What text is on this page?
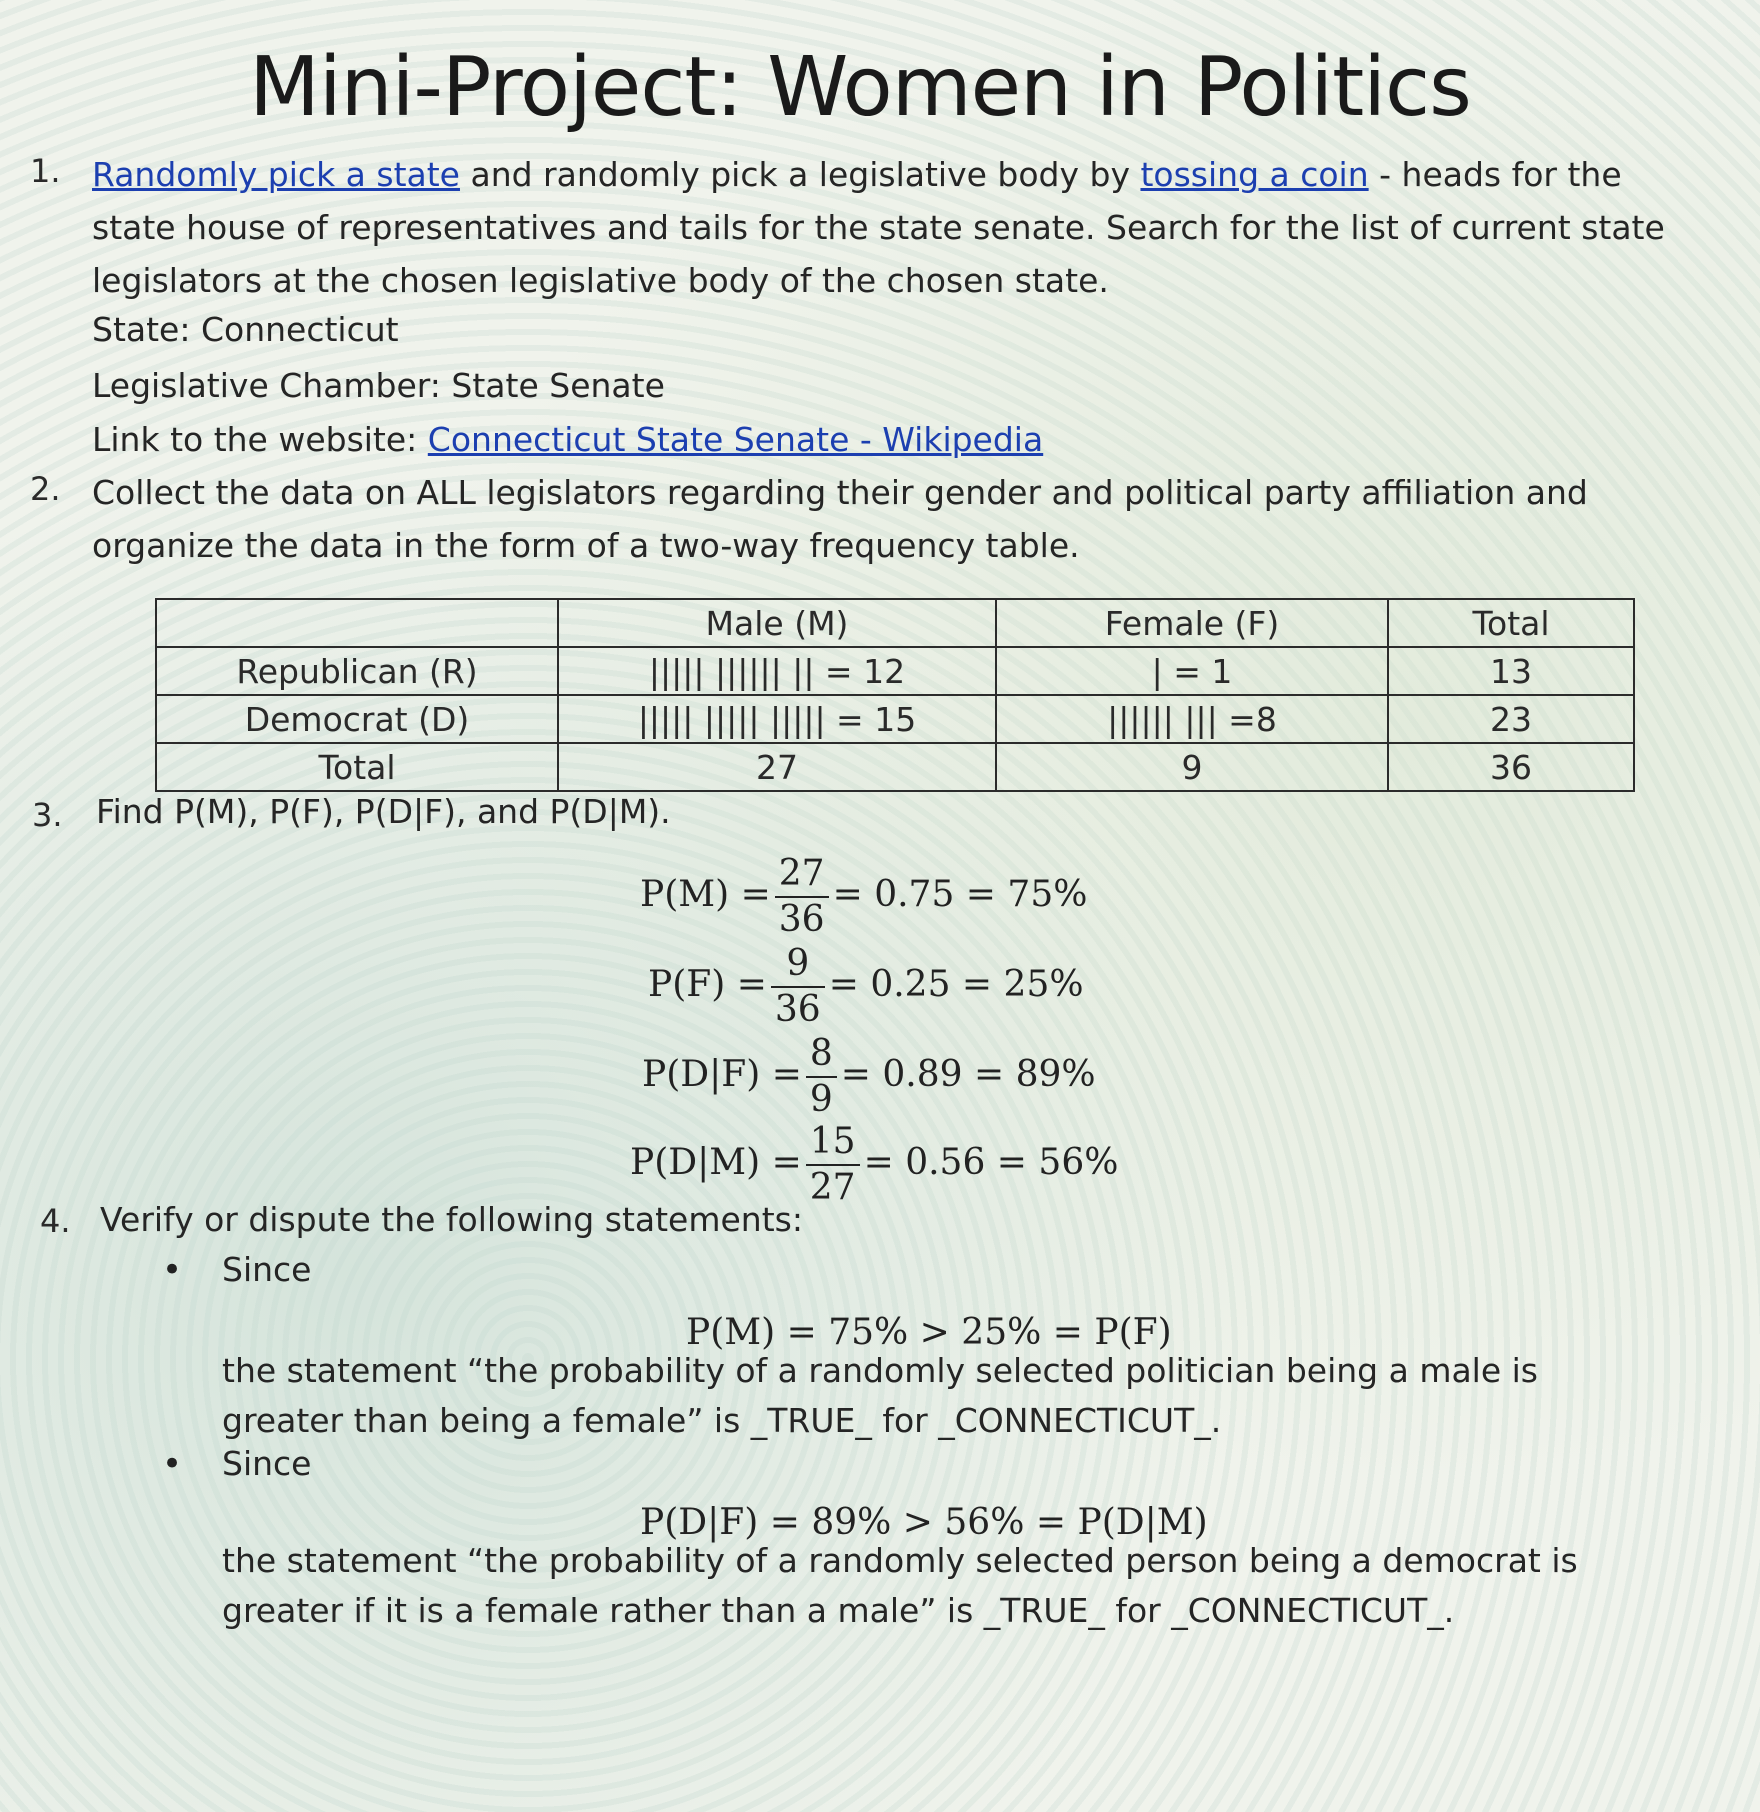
Mini-Project: Women in Politics
1. Randomly pick a state and randomly pick a legislative body by tossing a coin - heads for the state house of representatives and tails for the state senate. Search for the list of current state legislators at the chosen legislative body of the chosen state.
State: Connecticut
Legislative Chamber: State Senate
Link to the website: Connecticut State Senate - Wikipedia
2. Collect the data on ALL legislators regarding their gender and political party affiliation and organize the data in the form of a two-way frequency table.
	Male (M)	Female (F)	Total
Republican (R)	||||| |||||| || = 12	| = 1	13
Democrat (D)	||||| ||||| ||||| = 15	|||||| ||| =8	23
Total	27	9	36
3. Find P(M), P(F), P(D|F), and P(D|M).
$P(M) = \frac{27}{36} = 0.75 = 75\%$
$P(F) = \frac{9}{36} = 0.25 = 25\%$
$P(D|F) = \frac{8}{9} = 0.89 = 89\%$
$P(D|M) = \frac{15}{27} = 0.56 = 56\%$
4. Verify or dispute the following statements:
• Since
P(M) = 75% > 25% = P(F)
the statement “the probability of a randomly selected politician being a male is greater than being a female” is _TRUE_ for _CONNECTICUT_.
• Since
P(D|F) = 89% > 56% = P(D|M)
the statement “the probability of a randomly selected person being a democrat is greater if it is a female rather than a male” is _TRUE_ for _CONNECTICUT_.
